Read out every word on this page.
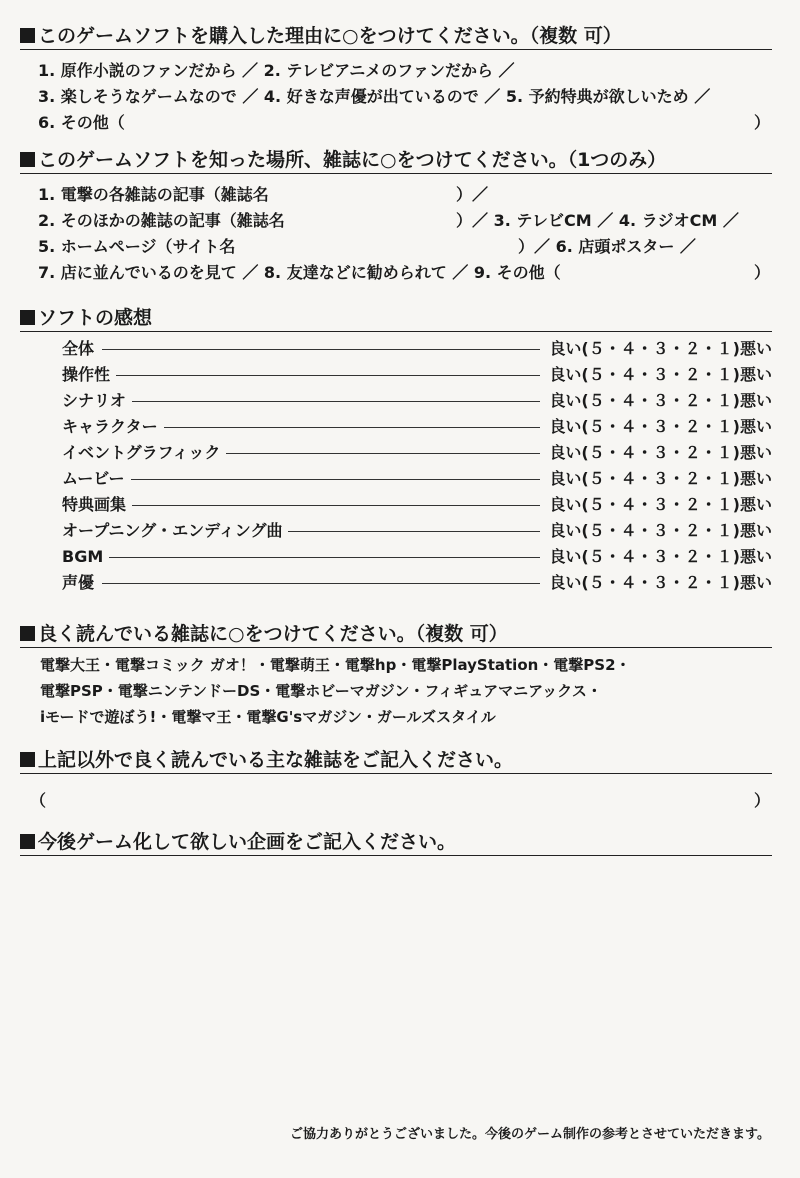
このゲームソフトを購入した理由に○をつけてください。（複数 可）
1. 原作小説のファンだから ／ 2. テレビアニメのファンだから ／
3. 楽しそうなゲームなので ／ 4. 好きな声優が出ているので ／ 5. 予約特典が欲しいため ／
6. その他（	）
このゲームソフトを知った場所、雑誌に○をつけてください。（1つのみ）
1. 電撃の各雑誌の記事（雑誌名	）／
2. そのほかの雑誌の記事（雑誌名	）／ 3. テレビCM ／ 4. ラジオCM ／
5. ホームページ（サイト名	）／ 6. 店頭ポスター ／
7. 店に並んでいるのを見て ／ 8. 友達などに勧められて ／ 9. その他（	）
ソフトの感想
全体	良い(５・４・３・２・１)悪い
操作性	良い(５・４・３・２・１)悪い
シナリオ	良い(５・４・３・２・１)悪い
キャラクター	良い(５・４・３・２・１)悪い
イベントグラフィック	良い(５・４・３・２・１)悪い
ムービー	良い(５・４・３・２・１)悪い
特典画集	良い(５・４・３・２・１)悪い
オープニング・エンディング曲	良い(５・４・３・２・１)悪い
BGM	良い(５・４・３・２・１)悪い
声優	良い(５・４・３・２・１)悪い
良く読んでいる雑誌に○をつけてください。（複数 可）
電撃大王・電撃コミック ガオ！・電撃萌王・電撃hp・電撃PlayStation・電撃PS2・
電撃PSP・電撃ニンテンドーDS・電撃ホビーマガジン・フィギュアマニアックス・
iモードで遊ぼう!・電撃マ王・電撃G'sマガジン・ガールズスタイル
上記以外で良く読んでいる主な雑誌をご記入ください。
（	）
今後ゲーム化して欲しい企画をご記入ください。
ご協力ありがとうございました。今後のゲーム制作の参考とさせていただきます。
